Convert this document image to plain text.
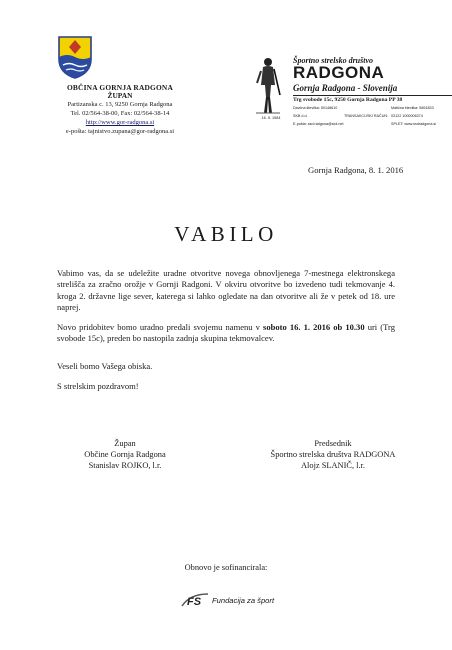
OBČINA GORNJA RADGONA
ŽUPAN
Partizanska c. 13, 9250 Gornja Radgona
Tel. 02/564-38-00, Fax: 02/564-38-14
http://www.gor-radgona.si
e-pošta: tajnistvo.zupana@gor-radgona.si
16. 5. 1984
Športno strelsko društvo
RADGONA
Gornja Radgona - Slovenija
Trg svobode 15c, 9250 Gornja Radgona PP 38
Davčna številka: 50148610	Matična številka: 5891833
SKB d.d.	TRANSAKCIJSKI RAČUN: 03122 1000006374
E-pošta: ssd.radgona@siol.net	SPLET: www.ssdradgona.si
Gornja Radgona, 8. 1. 2016
VABILO
Vabimo vas, da se udeležite uradne otvoritve novega obnovljenega 7-mestnega elektronskega strelišča za zračno orožje v Gornji Radgoni. V okviru otvoritve bo izvedeno tudi tekmovanje 4. kroga 2. državne lige sever, katerega si lahko ogledate na dan otvoritve ali že v petek od 18. ure naprej.
Novo pridobitev bomo uradno predali svojemu namenu v soboto 16. 1. 2016 ob 10.30 uri (Trg svobode 15c), preden bo nastopila zadnja skupina tekmovalcev.
Veseli bomo Vašega obiska.
S strelskim pozdravom!
Župan
Občine Gornja Radgona
Stanislav ROJKO, l.r.
Predsednik
Športno strelska društva RADGONA
Alojz SLANIČ, l.r.
Obnovo je sofinancirala:
FS Fundacija za šport
